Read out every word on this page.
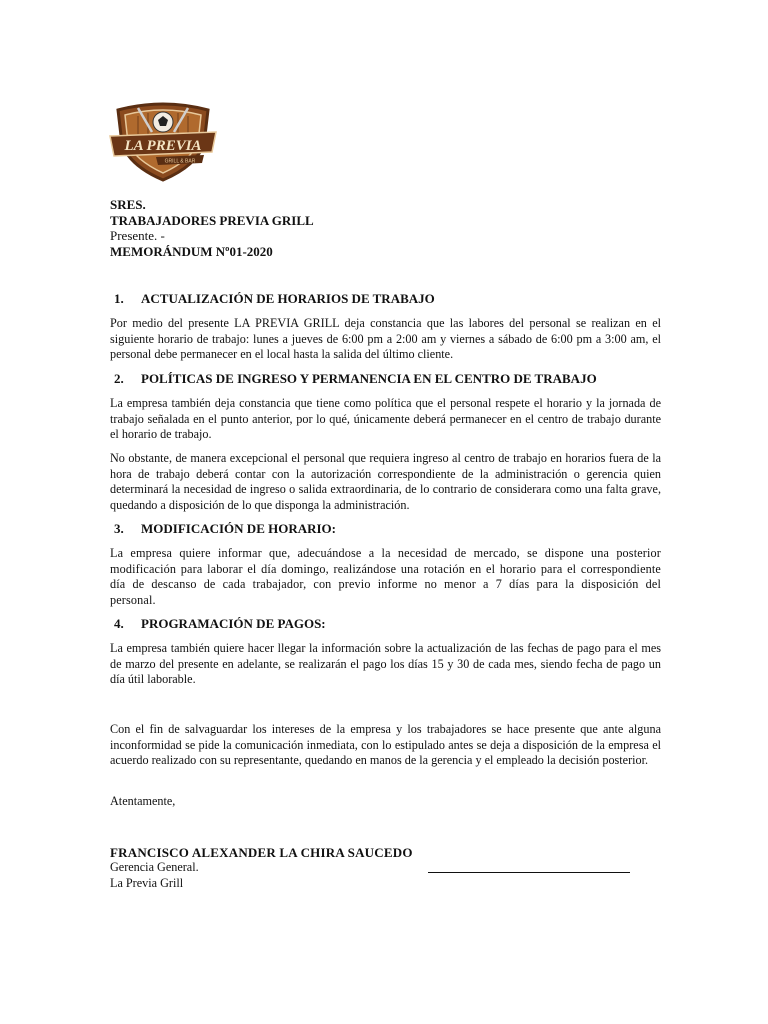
LA PREVIA
GRILL & BAR
SRES.
TRABAJADORES PREVIA GRILL
Presente. -
MEMORÁNDUM Nº01-2020
1. ACTUALIZACIÓN DE HORARIOS DE TRABAJO
Por medio del presente LA PREVIA GRILL deja constancia que las labores del personal se realizan en el siguiente horario de trabajo: lunes a jueves de 6:00 pm a 2:00 am y viernes a sábado de 6:00 pm a 3:00 am, el personal debe permanecer en el local hasta la salida del último cliente.
2. POLÍTICAS DE INGRESO Y PERMANENCIA EN EL CENTRO DE TRABAJO
La empresa también deja constancia que tiene como política que el personal respete el horario y la jornada de trabajo señalada en el punto anterior, por lo qué, únicamente deberá permanecer en el centro de trabajo durante el horario de trabajo.
No obstante, de manera excepcional el personal que requiera ingreso al centro de trabajo en horarios fuera de la hora de trabajo deberá contar con la autorización correspondiente de la administración o gerencia quien determinará la necesidad de ingreso o salida extraordinaria, de lo contrario de considerara como una falta grave, quedando a disposición de lo que disponga la administración.
3. MODIFICACIÓN DE HORARIO:
La empresa quiere informar que, adecuándose a la necesidad de mercado, se dispone una posterior modificación para laborar el día domingo, realizándose una rotación en el horario para el correspondiente día de descanso de cada trabajador, con previo informe no menor a 7 días para la disposición del personal.
4. PROGRAMACIÓN DE PAGOS:
La empresa también quiere hacer llegar la información sobre la actualización de las fechas de pago para el mes de marzo del presente en adelante, se realizarán el pago los días 15 y 30 de cada mes, siendo fecha de pago un día útil laborable.
Con el fin de salvaguardar los intereses de la empresa y los trabajadores se hace presente que ante alguna inconformidad se pide la comunicación inmediata, con lo estipulado antes se deja a disposición de la empresa el acuerdo realizado con su representante, quedando en manos de la gerencia y el empleado la decisión posterior.
Atentamente,
FRANCISCO ALEXANDER LA CHIRA SAUCEDO
Gerencia General.
La Previa Grill
